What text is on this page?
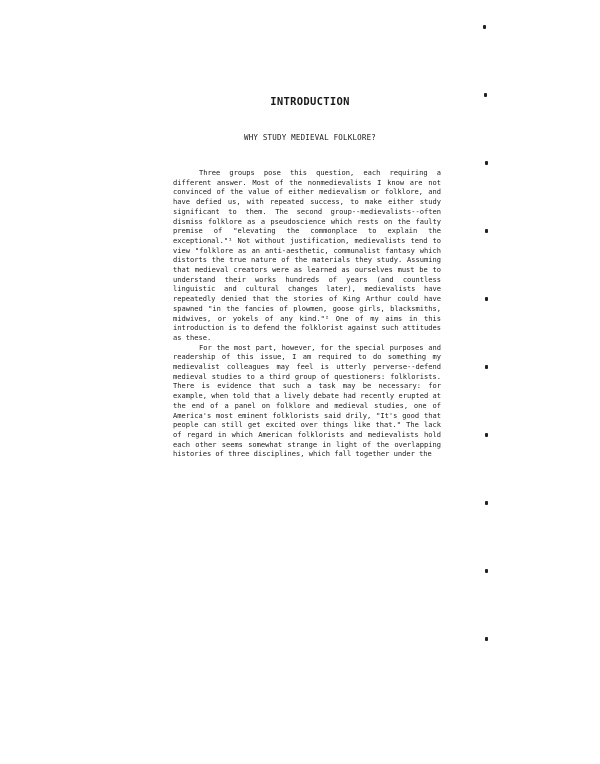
INTRODUCTION
WHY STUDY MEDIEVAL FOLKLORE?

Three groups pose this question, each requiring a different answer. Most of the nonmedievalists I know are not convinced of the value of either medievalism or folklore, and have defied us, with repeated success, to make either study significant to them. The second group--medievalists--often dismiss folklore as a pseudoscience which rests on the faulty premise of "elevating the commonplace to explain the exceptional."¹ Not without justification, medievalists tend to view "folklore as an anti-aesthetic, communalist fantasy which distorts the true nature of the materials they study. Assuming that medieval creators were as learned as ourselves must be to understand their works hundreds of years (and countless linguistic and cultural changes later), medievalists have repeatedly denied that the stories of King Arthur could have spawned "in the fancies of plowmen, goose girls, blacksmiths, midwives, or yokels of any kind."² One of my aims in this introduction is to defend the folklorist against such attitudes as these.

For the most part, however, for the special purposes and readership of this issue, I am required to do something my medievalist colleagues may feel is utterly perverse--defend medieval studies to a third group of questioners: folklorists. There is evidence that such a task may be necessary: for example, when told that a lively debate had recently erupted at the end of a panel on folklore and medieval studies, one of America's most eminent folklorists said drily, "It's good that people can still get excited over things like that." The lack of regard in which American folklorists and medievalists hold each other seems somewhat strange in light of the overlapping histories of three disciplines, which fall together under the
